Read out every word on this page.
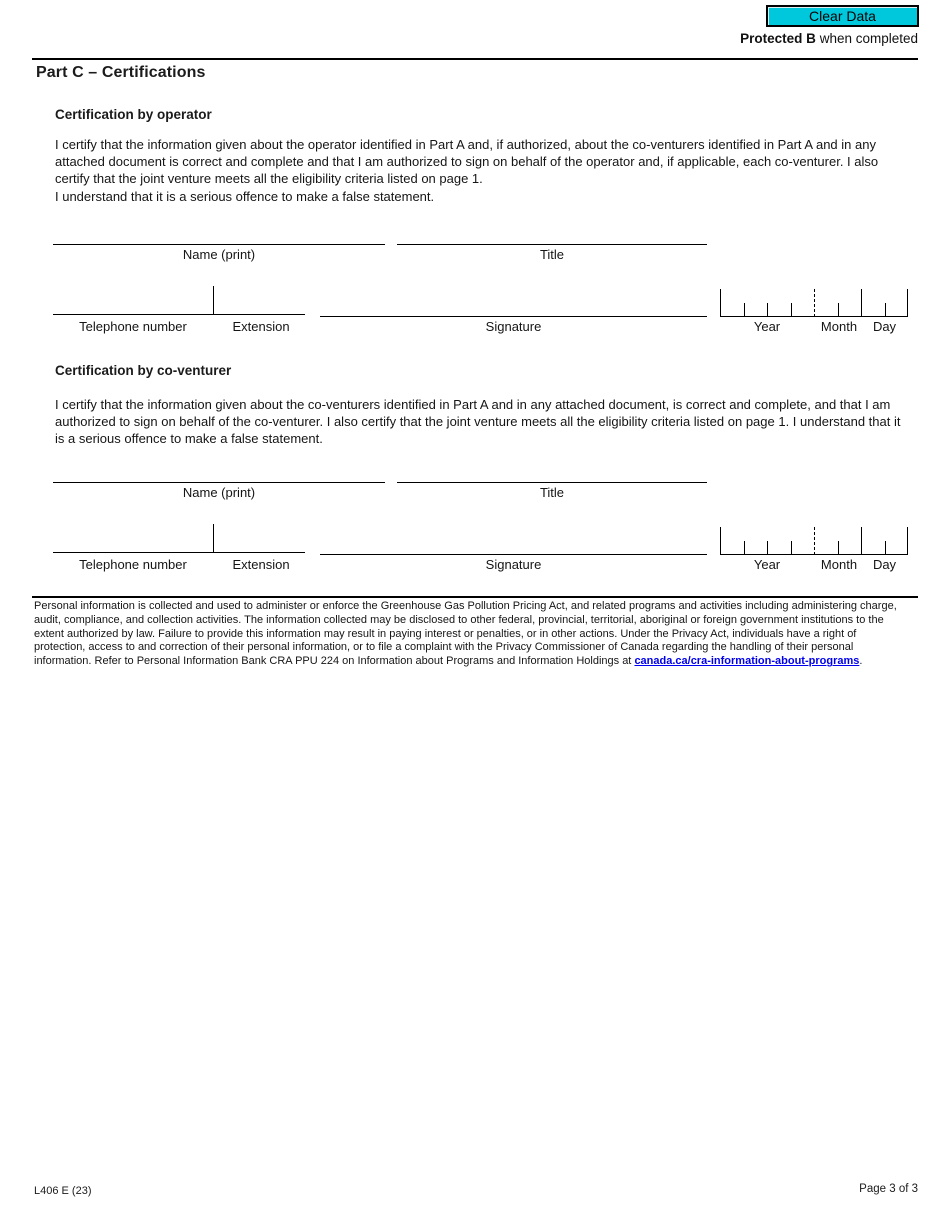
Clear Data
Protected B when completed
Part C – Certifications
Certification by operator
I certify that the information given about the operator identified in Part A and, if authorized, about the co-venturers identified in Part A and in any attached document is correct and complete and that I am authorized to sign on behalf of the operator and, if applicable, each co-venturer. I also certify that the joint venture meets all the eligibility criteria listed on page 1.
I understand that it is a serious offence to make a false statement.
Name (print)	Title
Telephone number	Extension	Signature	Year	Month	Day
Certification by co-venturer
I certify that the information given about the co-venturers identified in Part A and in any attached document, is correct and complete, and that I am authorized to sign on behalf of the co-venturer. I also certify that the joint venture meets all the eligibility criteria listed on page 1. I understand that it is a serious offence to make a false statement.
Name (print)	Title
Telephone number	Extension	Signature	Year	Month	Day
Personal information is collected and used to administer or enforce the Greenhouse Gas Pollution Pricing Act, and related programs and activities including administering charge, audit, compliance, and collection activities. The information collected may be disclosed to other federal, provincial, territorial, aboriginal or foreign government institutions to the extent authorized by law. Failure to provide this information may result in paying interest or penalties, or in other actions. Under the Privacy Act, individuals have a right of protection, access to and correction of their personal information, or to file a complaint with the Privacy Commissioner of Canada regarding the handling of their personal information. Refer to Personal Information Bank CRA PPU 224 on Information about Programs and Information Holdings at canada.ca/cra-information-about-programs.
L406 E (23)	Page 3 of 3
